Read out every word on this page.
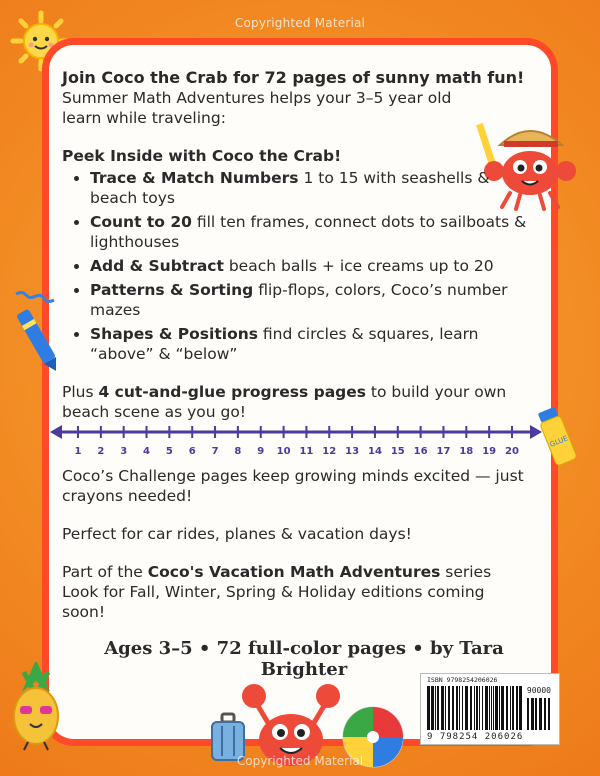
Copyrighted Material

Join Coco the Crab for 72 pages of sunny math fun!

Summer Math Adventures helps your 3–5 year old learn while traveling:

Peek Inside with Coco the Crab!

• Trace & Match Numbers 1 to 15 with seashells & beach toys
• Count to 20 fill ten frames, connect dots to sailboats & lighthouses
• Add & Subtract beach balls + ice creams up to 20
• Patterns & Sorting flip-flops, colors, Coco’s number mazes
• Shapes & Positions find circles & squares, learn “above” & “below”

Plus 4 cut-and-glue progress pages to build your own beach scene as you go!

1 2 3 4 5 6 7 8 9 10 11 12 13 14 15 16 17 18 19 20
GLUE

Coco’s Challenge pages keep growing minds excited — just crayons needed!

Perfect for car rides, planes & vacation days!

Part of the Coco's Vacation Math Adventures series

Look for Fall, Winter, Spring & Holiday editions coming soon!

Ages 3–5 • 72 full-color pages • by Tara Brighter	ISBN 9798254206026
90000
9 798254 206026
Copyrighted Material
